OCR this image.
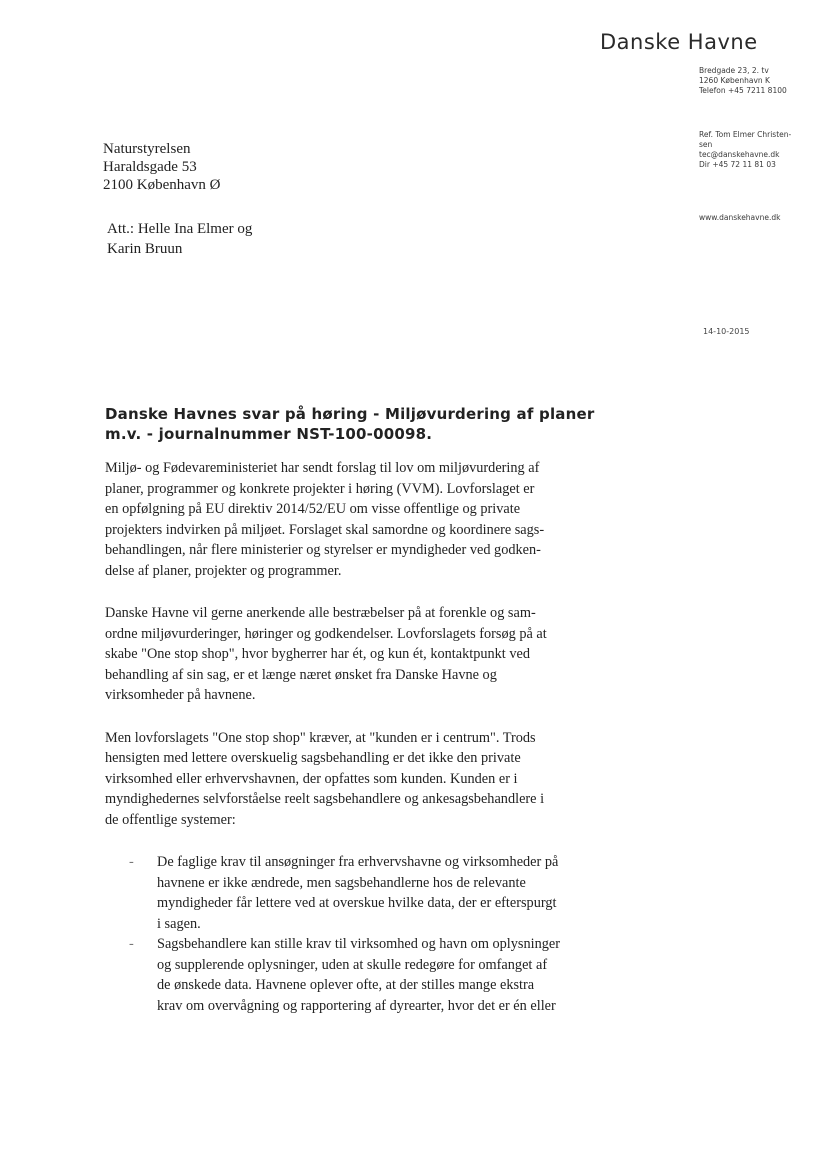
Danske Havne
Bredgade 23, 2. tv
1260 København K
Telefon +45 7211 8100
Ref. Tom Elmer Christen-
sen
tec@danskehavne.dk
Dir +45 72 11 81 03
www.danskehavne.dk
Naturstyrelsen
Haraldsgade 53
2100 København Ø
Att.: Helle Ina Elmer og
Karin Bruun
14-10-2015
Danske Havnes svar på høring - Miljøvurdering af planer
m.v. - journalnummer NST-100-00098.

Miljø- og Fødevareministeriet har sendt forslag til lov om miljøvurdering af
planer, programmer og konkrete projekter i høring (VVM). Lovforslaget er
en opfølgning på EU direktiv 2014/52/EU om visse offentlige og private
projekters indvirken på miljøet. Forslaget skal samordne og koordinere sags-
behandlingen, når flere ministerier og styrelser er myndigheder ved godken-
delse af planer, projekter og programmer.

Danske Havne vil gerne anerkende alle bestræbelser på at forenkle og sam-
ordne miljøvurderinger, høringer og godkendelser. Lovforslagets forsøg på at
skabe "One stop shop", hvor bygherrer har ét, og kun ét, kontaktpunkt ved
behandling af sin sag, er et længe næret ønsket fra Danske Havne og
virksomheder på havnene.

Men lovforslagets "One stop shop" kræver, at "kunden er i centrum". Trods
hensigten med lettere overskuelig sagsbehandling er det ikke den private
virksomhed eller erhvervshavnen, der opfattes som kunden. Kunden er i
myndighedernes selvforståelse reelt sagsbehandlere og ankesagsbehandlere i
de offentlige systemer:

- De faglige krav til ansøgninger fra erhvervshavne og virksomheder på
havnene er ikke ændrede, men sagsbehandlerne hos de relevante
myndigheder får lettere ved at overskue hvilke data, der er efterspurgt
i sagen.
- Sagsbehandlere kan stille krav til virksomhed og havn om oplysninger
og supplerende oplysninger, uden at skulle redegøre for omfanget af
de ønskede data. Havnene oplever ofte, at der stilles mange ekstra
krav om overvågning og rapportering af dyrearter, hvor det er én eller
